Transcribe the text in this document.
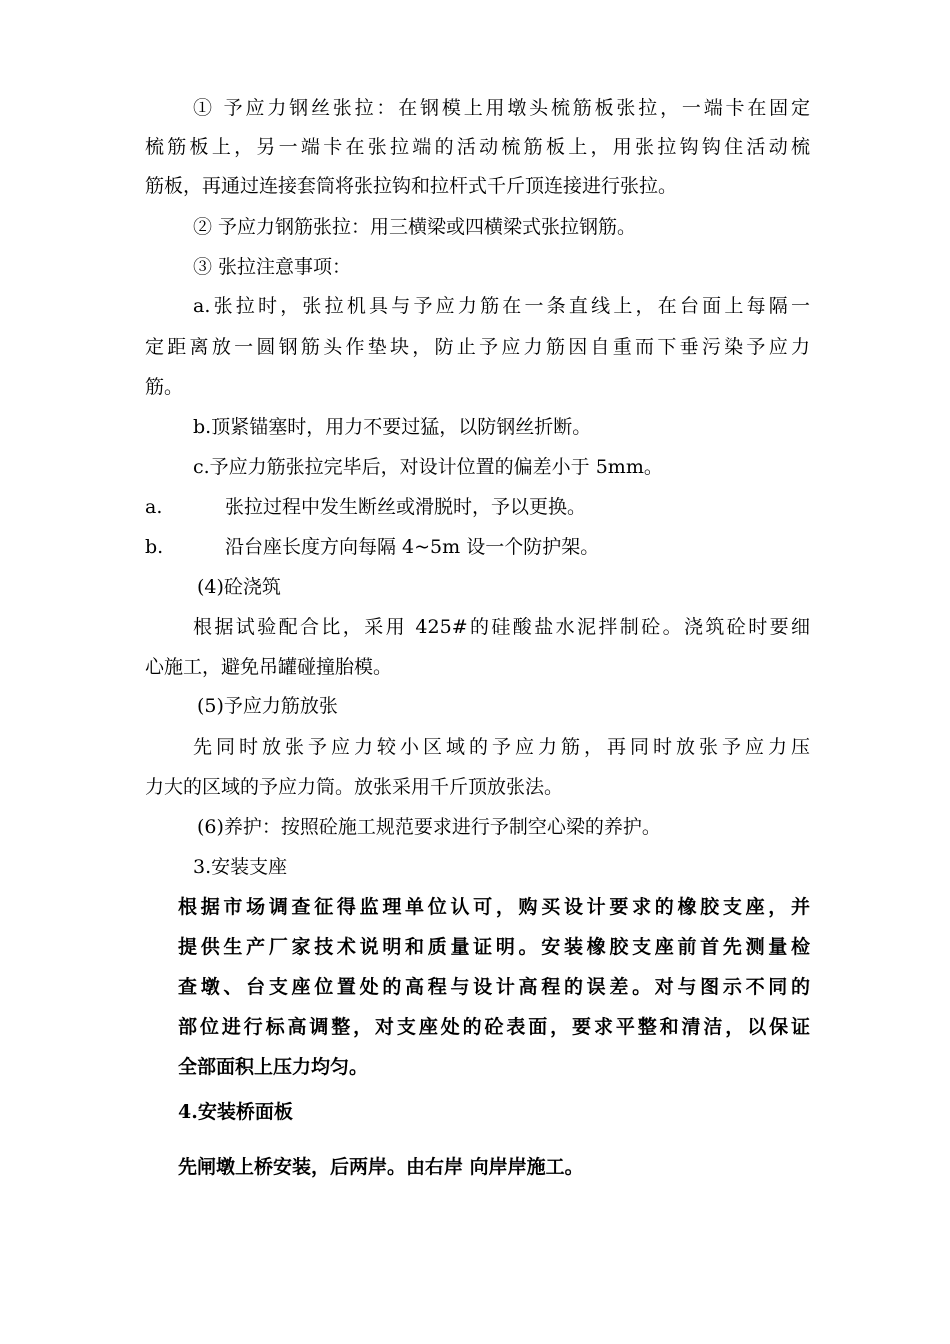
① 予应力钢丝张拉：在钢模上用墩头梳筋板张拉，一端卡在固定
梳筋板上，另一端卡在张拉端的活动梳筋板上，用张拉钩钩住活动梳
筋板，再通过连接套筒将张拉钩和拉杆式千斤顶连接进行张拉。
② 予应力钢筋张拉：用三横梁或四横梁式张拉钢筋。
③ 张拉注意事项：
a.张拉时，张拉机具与予应力筋在一条直线上，在台面上每隔一
定距离放一圆钢筋头作垫块，防止予应力筋因自重而下垂污染予应力
筋。
b.顶紧锚塞时，用力不要过猛，以防钢丝折断。
c.予应力筋张拉完毕后，对设计位置的偏差小于 5mm。
a.	张拉过程中发生断丝或滑脱时，予以更换。
b.	沿台座长度方向每隔 4~5m 设一个防护架。
(4)砼浇筑
根据试验配合比，采用 425#的硅酸盐水泥拌制砼。浇筑砼时要细
心施工，避免吊罐碰撞胎模。
(5)予应力筋放张
先同时放张予应力较小区域的予应力筋，再同时放张予应力压
力大的区域的予应力筒。放张采用千斤顶放张法。
(6)养护：按照砼施工规范要求进行予制空心梁的养护。
3.安装支座
根据市场调查征得监理单位认可，购买设计要求的橡胶支座，并
提供生产厂家技术说明和质量证明。安装橡胶支座前首先测量检
查墩、台支座位置处的高程与设计高程的误差。对与图示不同的
部位进行标高调整，对支座处的砼表面，要求平整和清洁，以保证
全部面积上压力均匀。
4.安装桥面板
先闸墩上桥安装，后两岸。由右岸 向岸岸施工。
